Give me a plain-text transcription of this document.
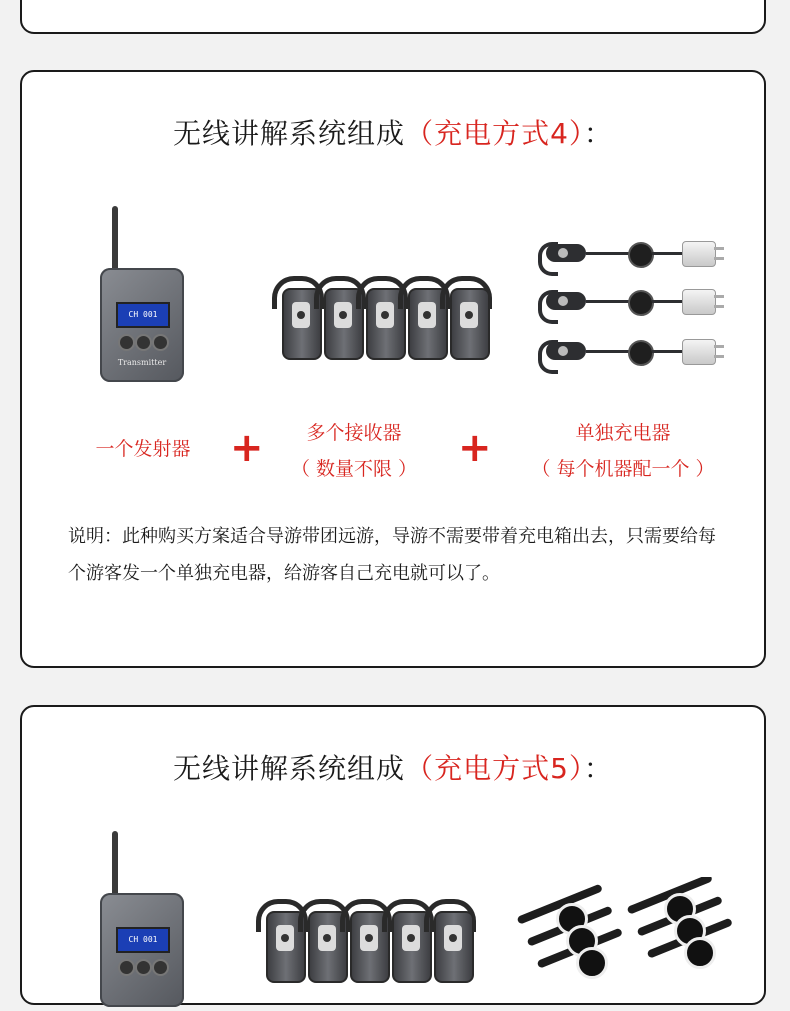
无线讲解系统组成（充电方式4）：
CH 001
Transmitter
一个发射器 +	多个接收器
（ 数量不限 ） +	单独充电器
（ 每个机器配一个 ）
说明：此种购买方案适合导游带团远游，导游不需要带着充电箱出去，只需要给每个游客发一个单独充电器，给游客自己充电就可以了。
无线讲解系统组成（充电方式5）：
CH 001
